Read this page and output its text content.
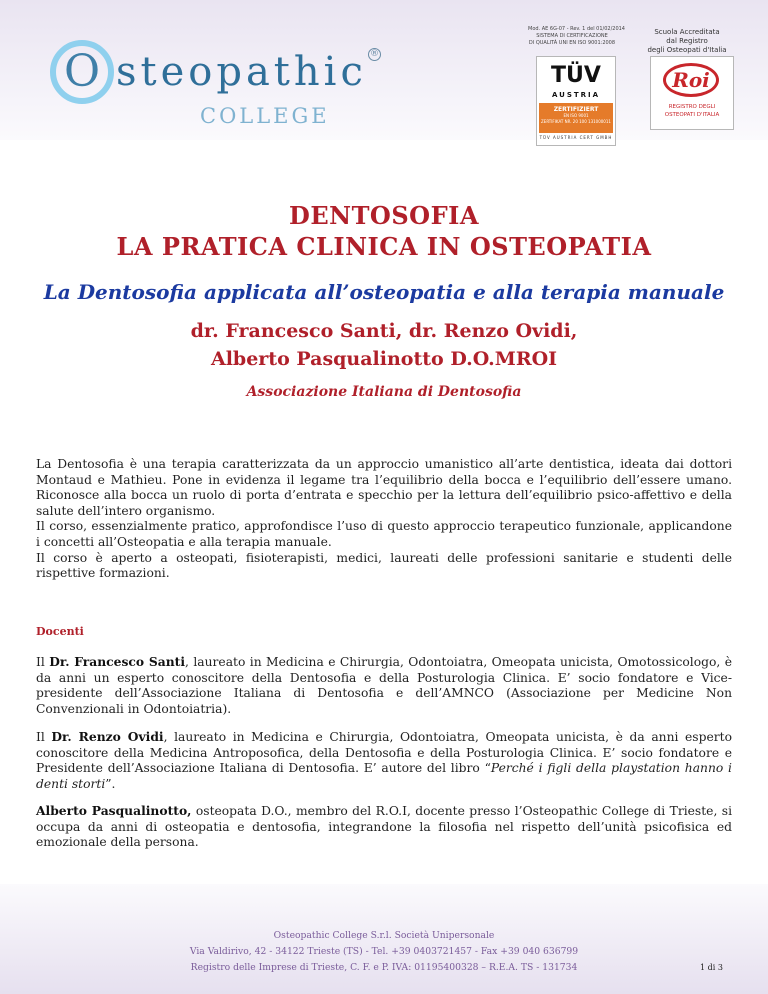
O steopathic ®
COLLEGE
Mod. AE 6G-07 - Rev. 1 del 01/02/2014
SISTEMA DI CERTIFICAZIONE
DI QUALITÀ UNI EN ISO 9001:2008
TÜV
AUSTRIA
ZERTIFIZIERT
EN ISO 9001
ZERTIFIKAT NR. 20 100 131000011
TÜV AUSTRIA CERT GMBH
Scuola Accreditata
dal Registro
degli Osteopati d'Italia
Roi
REGISTRO DEGLI
OSTEOPATI D'ITALIA
DENTOSOFIA
LA PRATICA CLINICA IN OSTEOPATIA
La Dentosofia applicata all’osteopatia e alla terapia manuale
dr. Francesco Santi, dr. Renzo Ovidi,
Alberto Pasqualinotto D.O.MROI
Associazione Italiana di Dentosofia

La Dentosofia è una terapia caratterizzata da un approccio umanistico all’arte dentistica, ideata dai dottori Montaud e Mathieu. Pone in evidenza il legame tra l’equilibrio della bocca e l’equilibrio dell’essere umano. Riconosce alla bocca un ruolo di porta d’entrata e specchio per la lettura dell’equilibrio psico-affettivo e della salute dell’intero organismo.

Il corso, essenzialmente pratico, approfondisce l’uso di questo approccio terapeutico funzionale, applicandone i concetti all’Osteopatia e alla terapia manuale.

Il corso è aperto a osteopati, fisioterapisti, medici, laureati delle professioni sanitarie e studenti delle rispettive formazioni.

Docenti

Il Dr. Francesco Santi, laureato in Medicina e Chirurgia, Odontoiatra, Omeopata unicista, Omotossicologo, è da anni un esperto conoscitore della Dentosofia e della Posturologia Clinica. E’ socio fondatore e Vice-presidente dell’Associazione Italiana di Dentosofia e dell’AMNCO (Associazione per Medicine Non Convenzionali in Odontoiatria).

Il Dr. Renzo Ovidi, laureato in Medicina e Chirurgia, Odontoiatra, Omeopata unicista, è da anni esperto conoscitore della Medicina Antroposofica, della Dentosofia e della Posturologia Clinica. E’ socio fondatore e Presidente dell’Associazione Italiana di Dentosofia. E’ autore del libro “Perché i figli della playstation hanno i denti storti”.

Alberto Pasqualinotto, osteopata D.O., membro del R.O.I, docente presso l’Osteopathic College di Trieste, si occupa da anni di osteopatia e dentosofia, integrandone la filosofia nel rispetto dell’unità psicofisica ed emozionale della persona.

Osteopathic College S.r.l. Società Unipersonale
Via Valdirivo, 42 - 34122 Trieste (TS) - Tel. +39 0403721457 - Fax +39 040 636799
Registro delle Imprese di Trieste, C. F. e P. IVA: 01195400328 – R.E.A. TS - 131734	1 di 3
